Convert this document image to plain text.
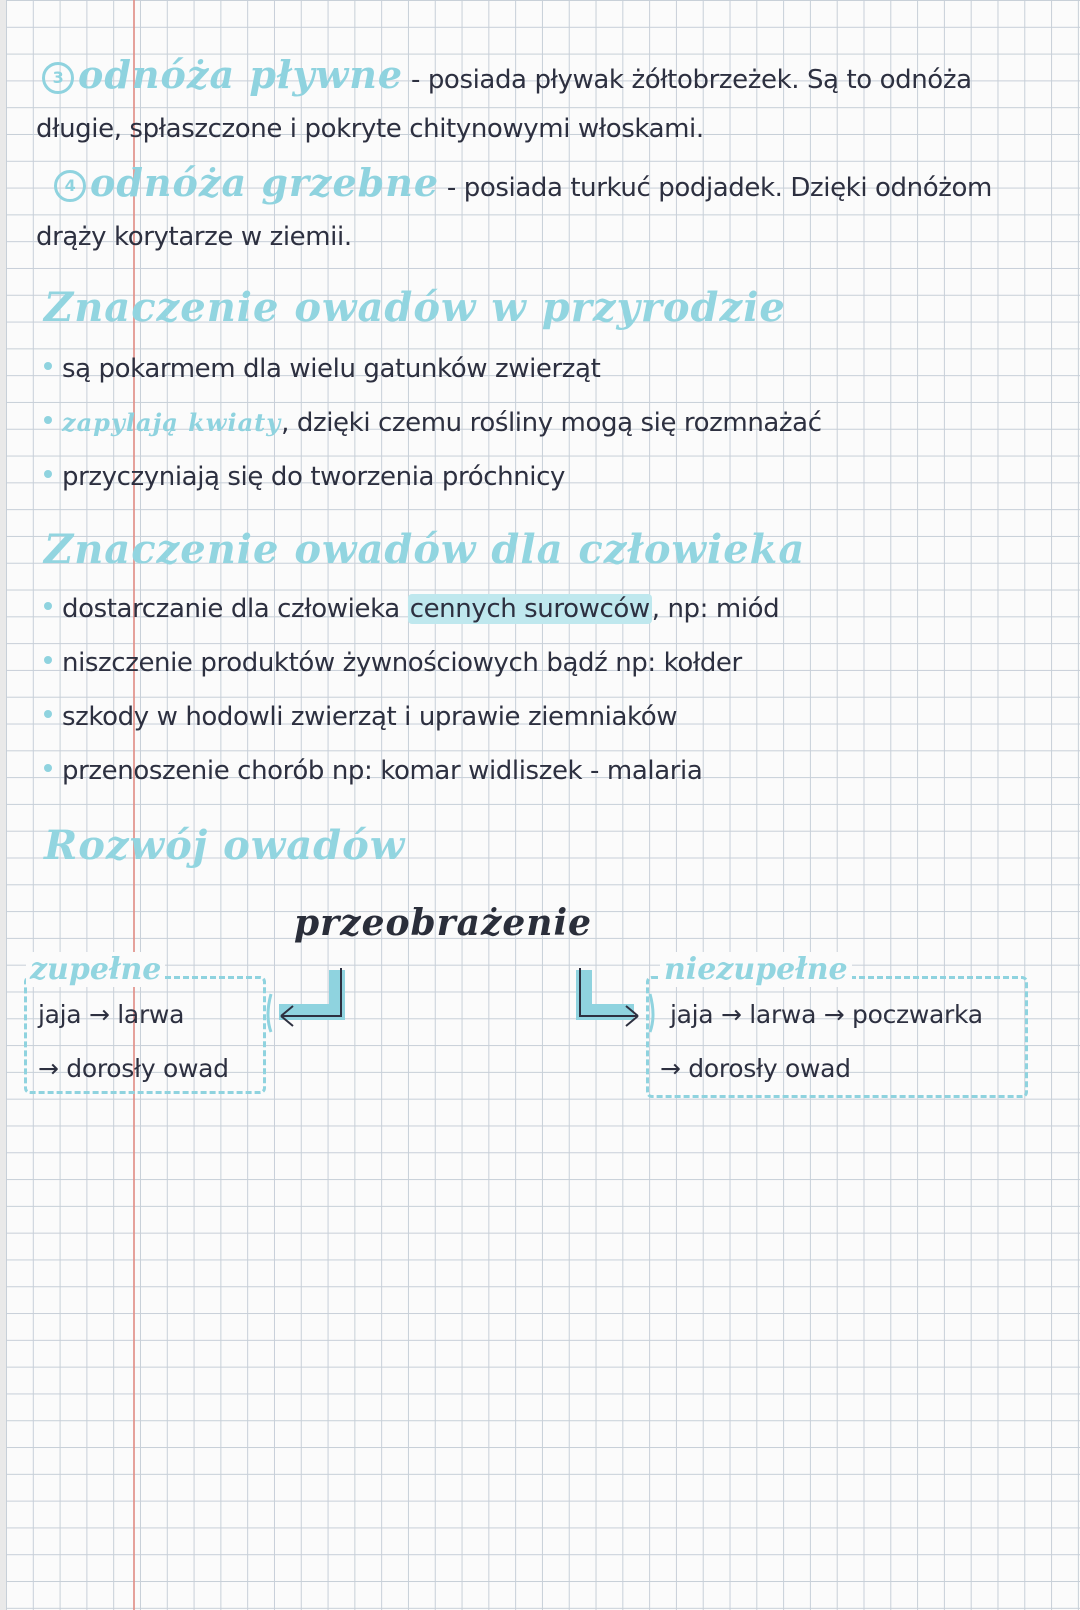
3 odnóża pływne - posiada pływak żółtobrzeżek. Są to odnóża
długie, spłaszczone i pokryte chitynowymi włoskami.
4 odnóża grzebne - posiada turkuć podjadek. Dzięki odnóżom
drąży korytarze w ziemii.
Znaczenie owadów w przyrodzie
są pokarmem dla wielu gatunków zwierząt
zapylają kwiaty, dzięki czemu rośliny mogą się rozmnażać
przyczyniają się do tworzenia próchnicy
Znaczenie owadów dla człowieka
dostarczanie dla człowieka cennych surowców, np: miód
niszczenie produktów żywnościowych bądź np: kołder
szkody w hodowli zwierząt i uprawie ziemniaków
przenoszenie chorób np: komar widliszek - malaria
Rozwój owadów
przeobrażenie
zupełne
jaja → larwa
→ dorosły owad
niezupełne
jaja → larwa → poczwarka
→ dorosły owad
